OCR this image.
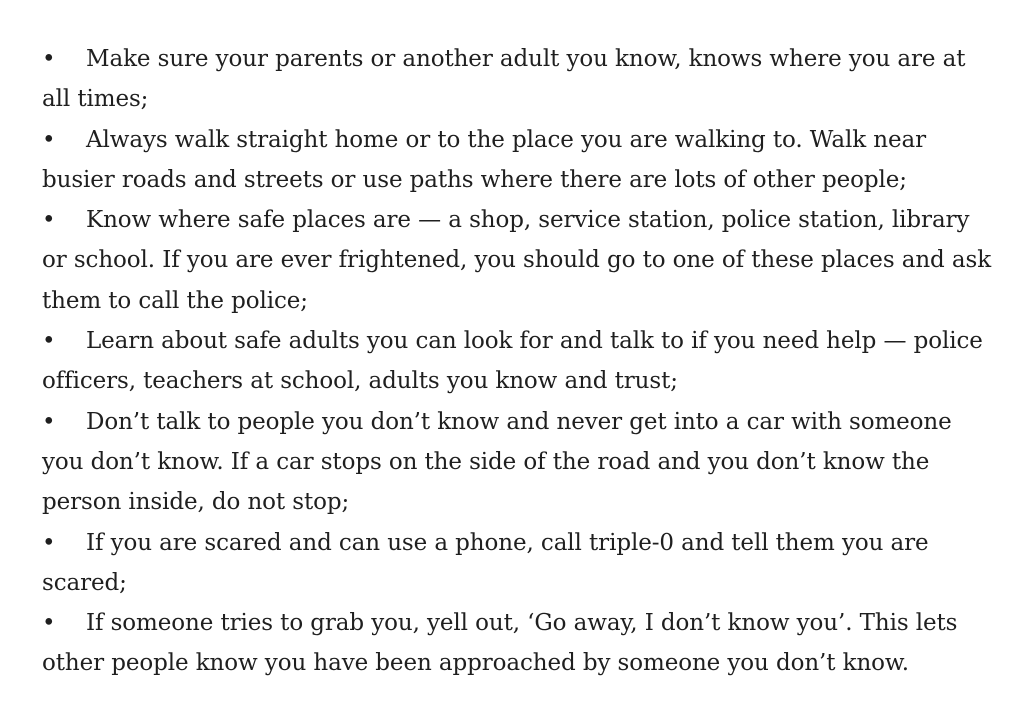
• Make sure your parents or another adult you know, knows where you are at all times;

• Always walk straight home or to the place you are walking to. Walk near busier roads and streets or use paths where there are lots of other people;

• Know where safe places are — a shop, service station, police station, library or school. If you are ever frightened, you should go to one of these places and ask them to call the police;

• Learn about safe adults you can look for and talk to if you need help — police officers, teachers at school, adults you know and trust;

• Don’t talk to people you don’t know and never get into a car with someone you don’t know. If a car stops on the side of the road and you don’t know the person inside, do not stop;

• If you are scared and can use a phone, call triple-0 and tell them you are scared;

• If someone tries to grab you, yell out, ‘Go away, I don’t know you’. This lets other people know you have been approached by someone you don’t know.
